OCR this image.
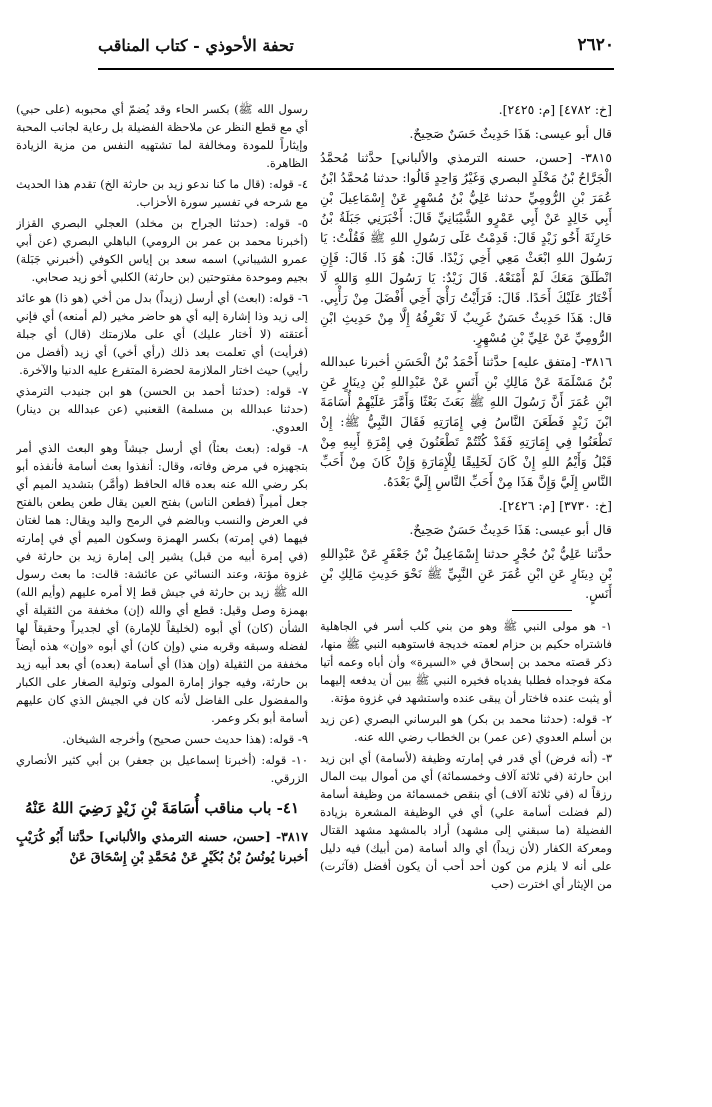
٢٦٢٠
تحفة الأحوذي - كتاب المناقب
[خ: ٤٧٨٢] [م: ٢٤٢٥].
قال أبو عيسى: هَذَا حَدِيثٌ حَسَنٌ صَحِيحٌ.
٣٨١٥- [حسن، حسنه الترمذي والألباني] حدَّثنا مُحمَّدُ الْجَرَّاحُ بْنُ مَخْلَدٍ البصري وَغَيْرُ وَاحِدٍ قَالُوا: حدثنا مُحمَّدُ ابْنُ عُمَرَ بْنِ الرُّومِيِّ حدثنا عَلِيُّ بْنُ مُسْهِرٍ عَنْ إِسْمَاعِيلَ بْنِ أَبِي خَالِدٍ عَنْ أَبِي عَمْرٍو الشَّيْبَانِيِّ قَالَ: أَخْبَرَنِي جَبَلَةُ بْنُ حَارِثَةَ أَخُو زَيْدٍ قَالَ: قَدِمْتُ عَلَى رَسُولِ اللهِ ﷺ فَقُلْتُ: يَا رَسُولَ اللهِ ابْعَثْ مَعِي أَخِي زَيْدًا. قَالَ: هُوَ ذَا. قَالَ: فَإِنِ انْطَلَقَ مَعَكَ لَمْ أَمْنَعْهُ. قَالَ زَيْدٌ: يَا رَسُولَ اللهِ وَاللهِ لَا أَخْتَارُ عَلَيْكَ أَحَدًا. قَالَ: فَرَأَيْتُ رَأْيَ أَخِي أَفْضَلَ مِنْ رَأْيِي. قال: هَذَا حَدِيثٌ حَسَنٌ غَرِيبٌ لَا نَعْرِفُهُ إِلَّا مِنْ حَدِيثِ ابْنِ الرُّومِيِّ عَنْ عَلِيِّ بْنِ مُسْهِرٍ.
٣٨١٦- [متفق عليه] حدَّثنا أَحْمَدُ بْنُ الْحَسَنِ أخبرنا عبدالله بْنُ مَسْلَمَةَ عَنْ مَالِكِ بْنِ أَنَسٍ عَنْ عَبْدِاللهِ بْنِ دِينَارٍ عَنِ ابْنِ عُمَرَ أَنَّ رَسُولَ اللهِ ﷺ بَعَثَ بَعْثًا وَأَمَّرَ عَلَيْهِمْ أُسَامَةَ ابْنَ زَيْدٍ فَطَعَنَ النَّاسُ فِي إِمَارَتِهِ فَقَالَ النَّبِيُّ ﷺ: إِنْ تَطْعَنُوا فِي إِمَارَتِهِ فَقَدْ كُنْتُمْ تَطْعَنُونَ فِي إِمْرَةِ أَبِيهِ مِنْ قَبْلُ وَأَيْمُ اللهِ إِنْ كَانَ لَخَلِيقًا لِلْإِمَارَةِ وَإِنْ كَانَ مِنْ أَحَبِّ النَّاسِ إِلَيَّ وَإِنَّ هَذَا مِنْ أَحَبِّ النَّاسِ إِلَيَّ بَعْدَهُ.
[خ: ٣٧٣٠] [م: ٢٤٢٦].
قال أبو عيسى: هَذَا حَدِيثٌ حَسَنٌ صَحِيحٌ.
حدَّثنا عَلِيُّ بْنُ حُجْرٍ حدثنا إِسْمَاعِيلُ بْنُ جَعْفَرٍ عَنْ عَبْدِاللهِ بْنِ دِينَارٍ عَنِ ابْنِ عُمَرَ عَنِ النَّبِيِّ ﷺ نَحْوَ حَدِيثِ مَالِكِ بْنِ أَنَسٍ.
١- هو مولى النبي ﷺ وهو من بني كلب أسر في الجاهلية فاشتراه حكيم بن حزام لعمته خديجة فاستوهبه النبي ﷺ منها، ذكر قصته محمد بن إسحاق في «السيرة» وأن أباه وعمه أتيا مكة فوجداه فطلبا يفدياه فخيره النبي ﷺ بين أن يدفعه إليهما أو يثبت عنده فاختار أن يبقى عنده واستشهد في غزوة مؤتة.
٢- قوله: (حدثنا محمد بن بكر) هو البرساني البصري (عن زيد بن أسلم العدوي (عن عمر) بن الخطاب رضي الله عنه.
٣- (أنه فرض) أي قدر في إمارته وظيفة (لأسامة) أي ابن زيد ابن حارثة (في ثلاثة آلاف وخمسمائة) أي من أموال بيت المال رزقاً له (في ثلاثة آلاف) أي بنقص خمسمائة من وظيفة أسامة (لم فضلت أسامة علي) أي في الوظيفة المشعرة بزيادة الفضيلة (ما سبقني إلى مشهد) أراد بالمشهد مشهد القتال ومعركة الكفار (لأن زيداً) أي والد أسامة (من أبيك) فيه دليل على أنه لا يلزم من كون أحد أحب أن يكون أفضل (فآثرت) من الإيثار أي اخترت (حب
رسول الله ﷺ) بكسر الحاء وقد يُضمّ أي محبوبه (على حبي) أي مع قطع النظر عن ملاحظة الفضيلة بل رعاية لجانب المحبة وإيثاراً للمودة ومخالفة لما تشتهيه النفس من مزية الزيادة الظاهرة.
٤- قوله: (قال ما كنا ندعو زيد بن حارثة الخ) تقدم هذا الحديث مع شرحه في تفسير سورة الأحزاب.
٥- قوله: (حدثنا الجراح بن مخلد) العجلي البصري القزاز (أخبرنا محمد بن عمر بن الرومي) الباهلي البصري (عن أبي عمرو الشيباني) اسمه سعد بن إياس الكوفي (أخبرني جَبَلة) بجيم وموحدة مفتوحتين (بن حارثة) الكلبي أخو زيد صحابي.
٦- قوله: (ابعث) أي أرسل (زيداً) بدل من أخي (هو ذا) هو عائد إلى زيد وذا إشارة إليه أي هو حاضر مخير (لم أمنعه) أي فإني أعتقته (لا أختار عليك) أي على ملازمتك (قال) أي جبلة (فرأيت) أي تعلمت بعد ذلك (رأي أخي) أي زيد (أفضل من رأيي) حيث اختار الملازمة لحضرة المتفرع عليه الدنيا والآخرة.
٧- قوله: (حدثنا أحمد بن الحسن) هو ابن جنيدب الترمذي (حدثنا عبدالله بن مسلمة) القعنبي (عن عبدالله بن دينار) العدوي.
٨- قوله: (بعث بعثاً) أي أرسل جيشاً وهو البعث الذي أمر بتجهيزه في مرض وفاته، وقال: أنفذوا بعث أسامة فأنفذه أبو بكر رضي الله عنه بعده قاله الحافظ (وأمَّر) بتشديد الميم أي جعل أميراً (فطعن الناس) بفتح العين يقال طعن يطعن بالفتح في العرض والنسب وبالضم في الرمح واليد ويقال: هما لغتان فيهما (في إمرته) بكسر الهمزة وسكون الميم أي في إمارته (في إمرة أبيه من قبل) يشير إلى إمارة زيد بن حارثة في غزوة مؤتة، وعند النسائي عن عائشة: قالت: ما بعث رسول الله ﷺ زيد بن حارثة في جيش قط إلا أمره عليهم (وأيم الله) بهمزة وصل وقيل: قطع أي والله (إن) مخففة من الثقيلة أي الشأن (كان) أي أبوه (لخليقاً للإمارة) أي لجديراً وحقيقاً لها لفضله وسبقه وقربه مني (وإن كان) أي أبوه «وإن» هذه أيضاً مخففة من الثقيلة (وإن هذا) أي أسامة (بعده) أي بعد أبيه زيد بن حارثة، وفيه جواز إمارة المولى وتولية الصغار على الكبار والمفضول على الفاضل لأنه كان في الجيش الذي كان عليهم أسامة أبو بكر وعمر.
٩- قوله: (هذا حديث حسن صحيح) وأخرجه الشيخان.
١٠- قوله: (أخبرنا إسماعيل بن جعفر) بن أبي كثير الأنصاري الزرقي.
٤١- باب مناقب أُسَامَةَ بْنِ زَيْدٍ رَضِيَ اللهُ عَنْهُ
٣٨١٧- [حسن، حسنه الترمذي والألباني] حدَّثنا أَبُو كُرَيْبٍ أخبرنا يُونُسُ بْنُ بُكَيْرٍ عَنْ مُحَمَّدِ بْنِ إِسْحَاقَ عَنْ
